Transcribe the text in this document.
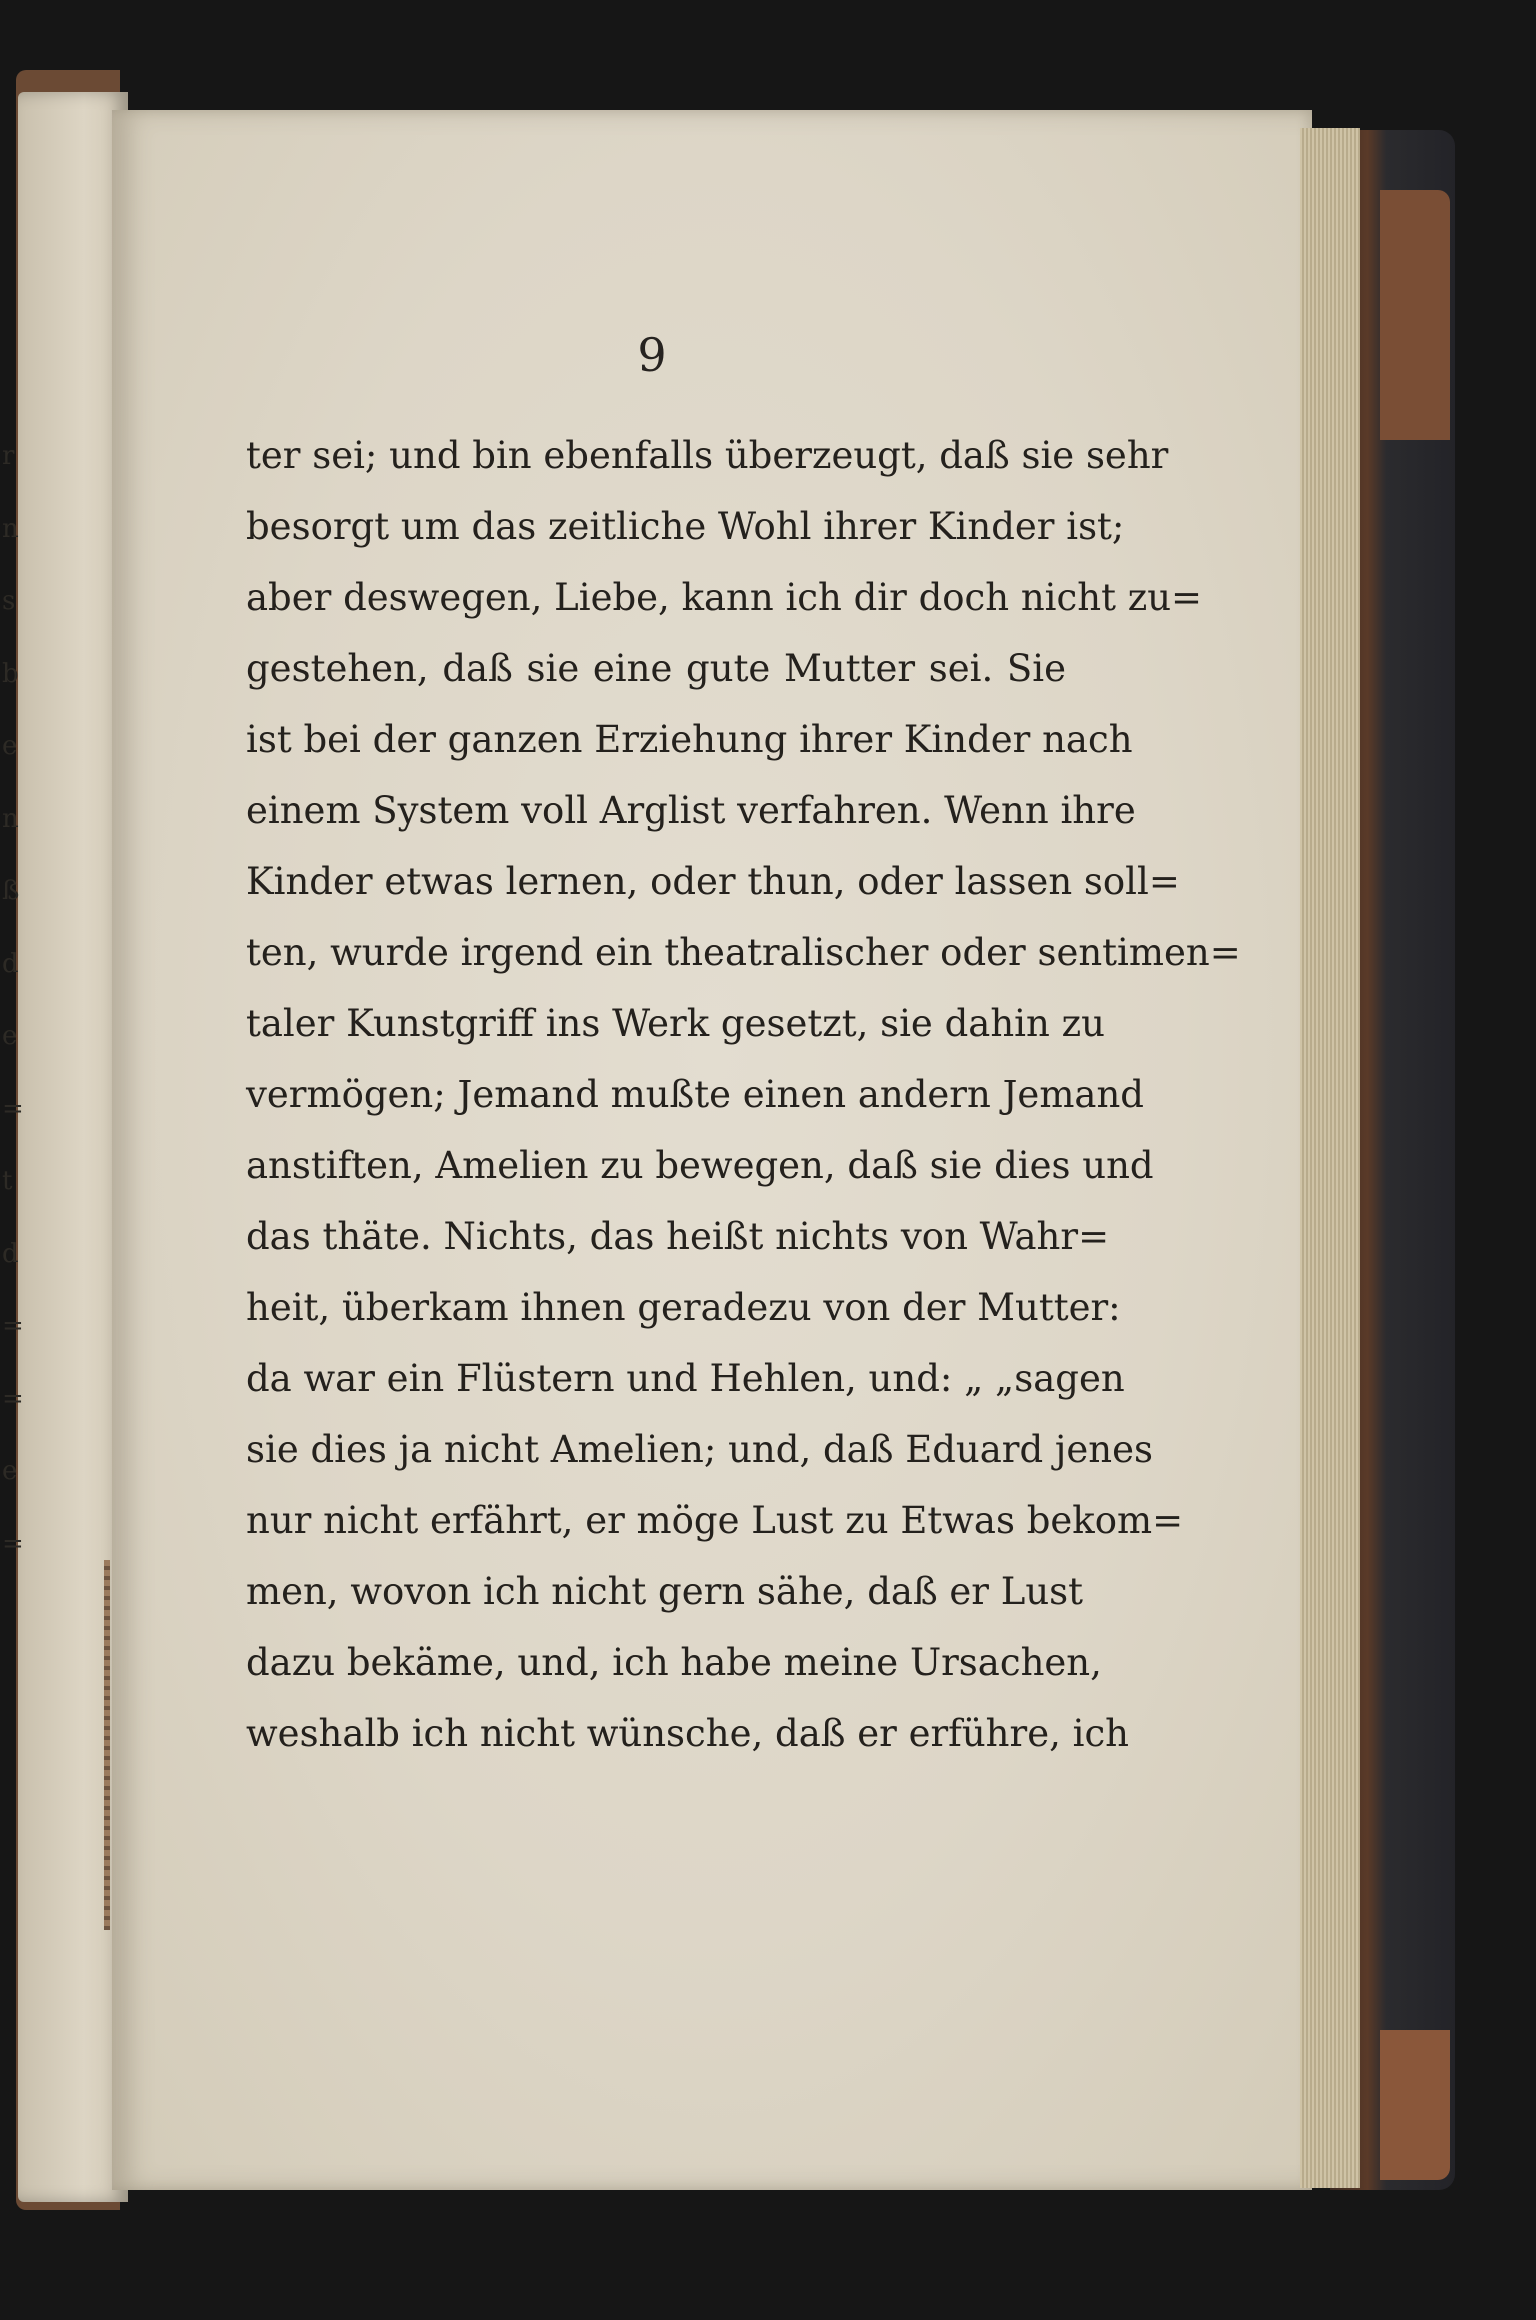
r
n
s
b
e
n
ß
d
e
=
t
d
=
=
e
=
9
ter sei; und bin ebenfalls überzeugt, daß sie sehr
besorgt um das zeitliche Wohl ihrer Kinder ist;
aber deswegen, Liebe, kann ich dir doch nicht zu=
gestehen, daß sie eine gute Mutter sei. Sie
ist bei der ganzen Erziehung ihrer Kinder nach
einem System voll Arglist verfahren. Wenn ihre
Kinder etwas lernen, oder thun, oder lassen soll=
ten, wurde irgend ein theatralischer oder sentimen=
taler Kunstgriff ins Werk gesetzt, sie dahin zu
vermögen; Jemand mußte einen andern Jemand
anstiften, Amelien zu bewegen, daß sie dies und
das thäte. Nichts, das heißt nichts von Wahr=
heit, überkam ihnen geradezu von der Mutter:
da war ein Flüstern und Hehlen, und: „ „sagen
sie dies ja nicht Amelien; und, daß Eduard jenes
nur nicht erfährt, er möge Lust zu Etwas bekom=
men, wovon ich nicht gern sähe, daß er Lust
dazu bekäme, und, ich habe meine Ursachen,
weshalb ich nicht wünsche, daß er erführe, ich
